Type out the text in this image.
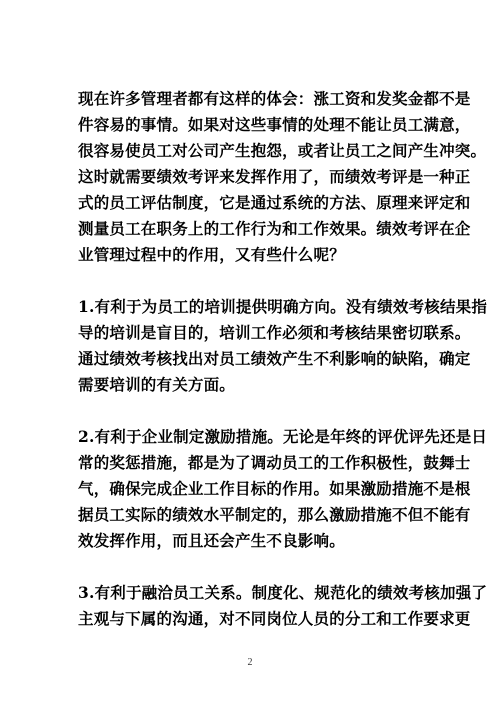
现在许多管理者都有这样的体会：涨工资和发奖金都不是
件容易的事情。如果对这些事情的处理不能让员工满意，
很容易使员工对公司产生抱怨，或者让员工之间产生冲突。
这时就需要绩效考评来发挥作用了，而绩效考评是一种正
式的员工评估制度，它是通过系统的方法、原理来评定和
测量员工在职务上的工作行为和工作效果。绩效考评在企
业管理过程中的作用，又有些什么呢？

1.有利于为员工的培训提供明确方向。没有绩效考核结果指
导的培训是盲目的，培训工作必须和考核结果密切联系。
通过绩效考核找出对员工绩效产生不利影响的缺陷，确定
需要培训的有关方面。

2.有利于企业制定激励措施。无论是年终的评优评先还是日
常的奖惩措施，都是为了调动员工的工作积极性，鼓舞士
气，确保完成企业工作目标的作用。如果激励措施不是根
据员工实际的绩效水平制定的，那么激励措施不但不能有
效发挥作用，而且还会产生不良影响。

3.有利于融洽员工关系。制度化、规范化的绩效考核加强了
主观与下属的沟通，对不同岗位人员的分工和工作要求更

2
